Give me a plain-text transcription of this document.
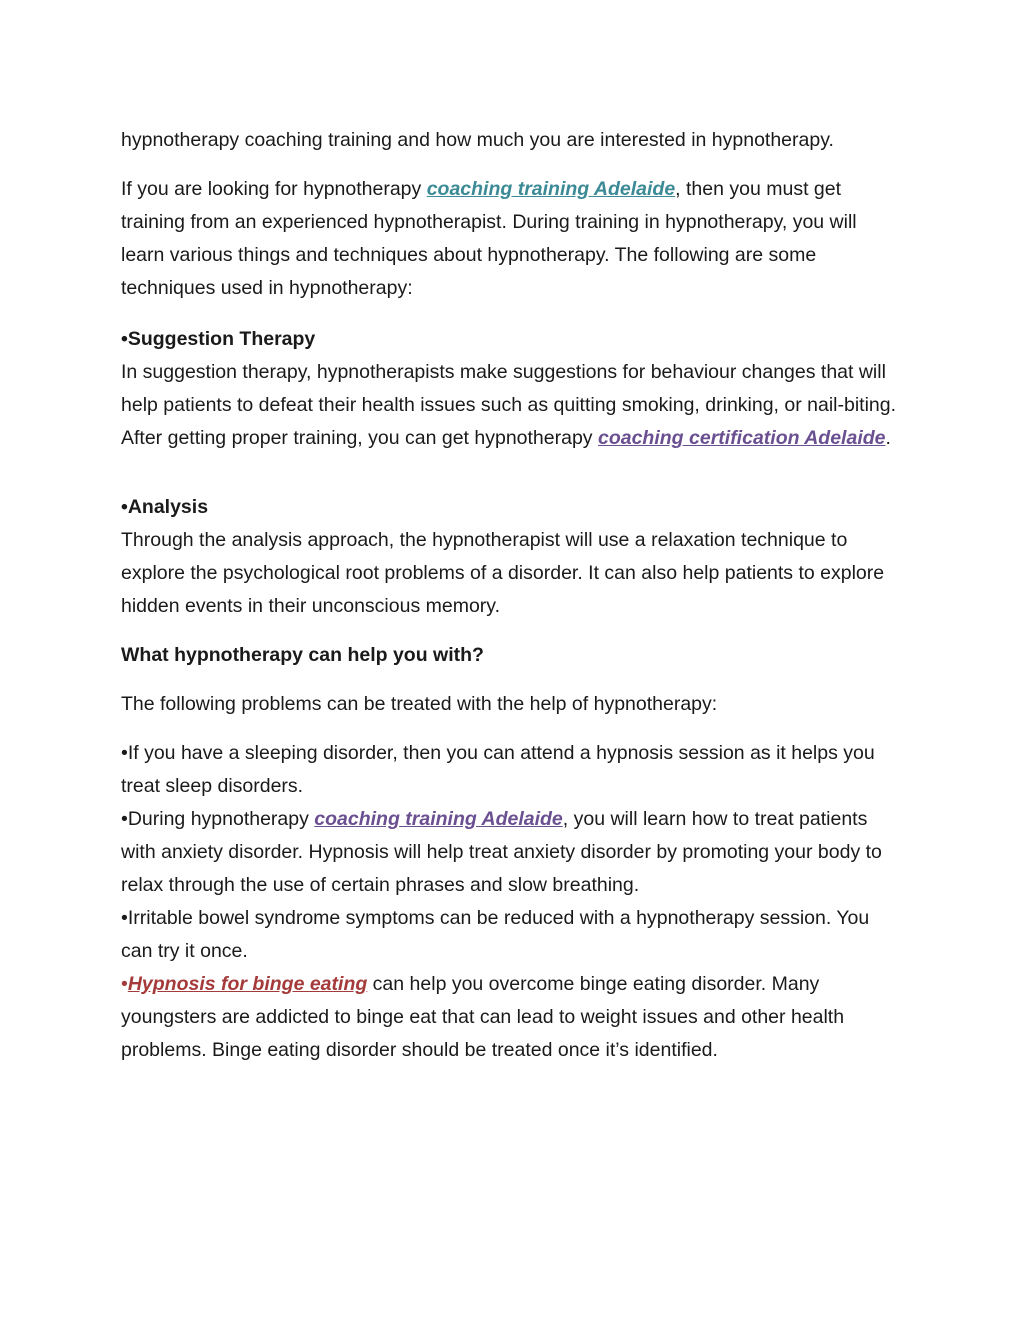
hypnotherapy coaching training and how much you are interested in hypnotherapy.

If you are looking for hypnotherapy coaching training Adelaide, then you must get training from an experienced hypnotherapist. During training in hypnotherapy, you will learn various things and techniques about hypnotherapy. The following are some techniques used in hypnotherapy:

•Suggestion Therapy

In suggestion therapy, hypnotherapists make suggestions for behaviour changes that will help patients to defeat their health issues such as quitting smoking, drinking, or nail-biting. After getting proper training, you can get hypnotherapy coaching certification Adelaide.

•Analysis

Through the analysis approach, the hypnotherapist will use a relaxation technique to explore the psychological root problems of a disorder. It can also help patients to explore hidden events in their unconscious memory.

What hypnotherapy can help you with?

The following problems can be treated with the help of hypnotherapy:

•If you have a sleeping disorder, then you can attend a hypnosis session as it helps you treat sleep disorders.

•During hypnotherapy coaching training Adelaide, you will learn how to treat patients with anxiety disorder. Hypnosis will help treat anxiety disorder by promoting your body to relax through the use of certain phrases and slow breathing.

•Irritable bowel syndrome symptoms can be reduced with a hypnotherapy session. You can try it once.

•Hypnosis for binge eating can help you overcome binge eating disorder. Many youngsters are addicted to binge eat that can lead to weight issues and other health problems. Binge eating disorder should be treated once it’s identified.
